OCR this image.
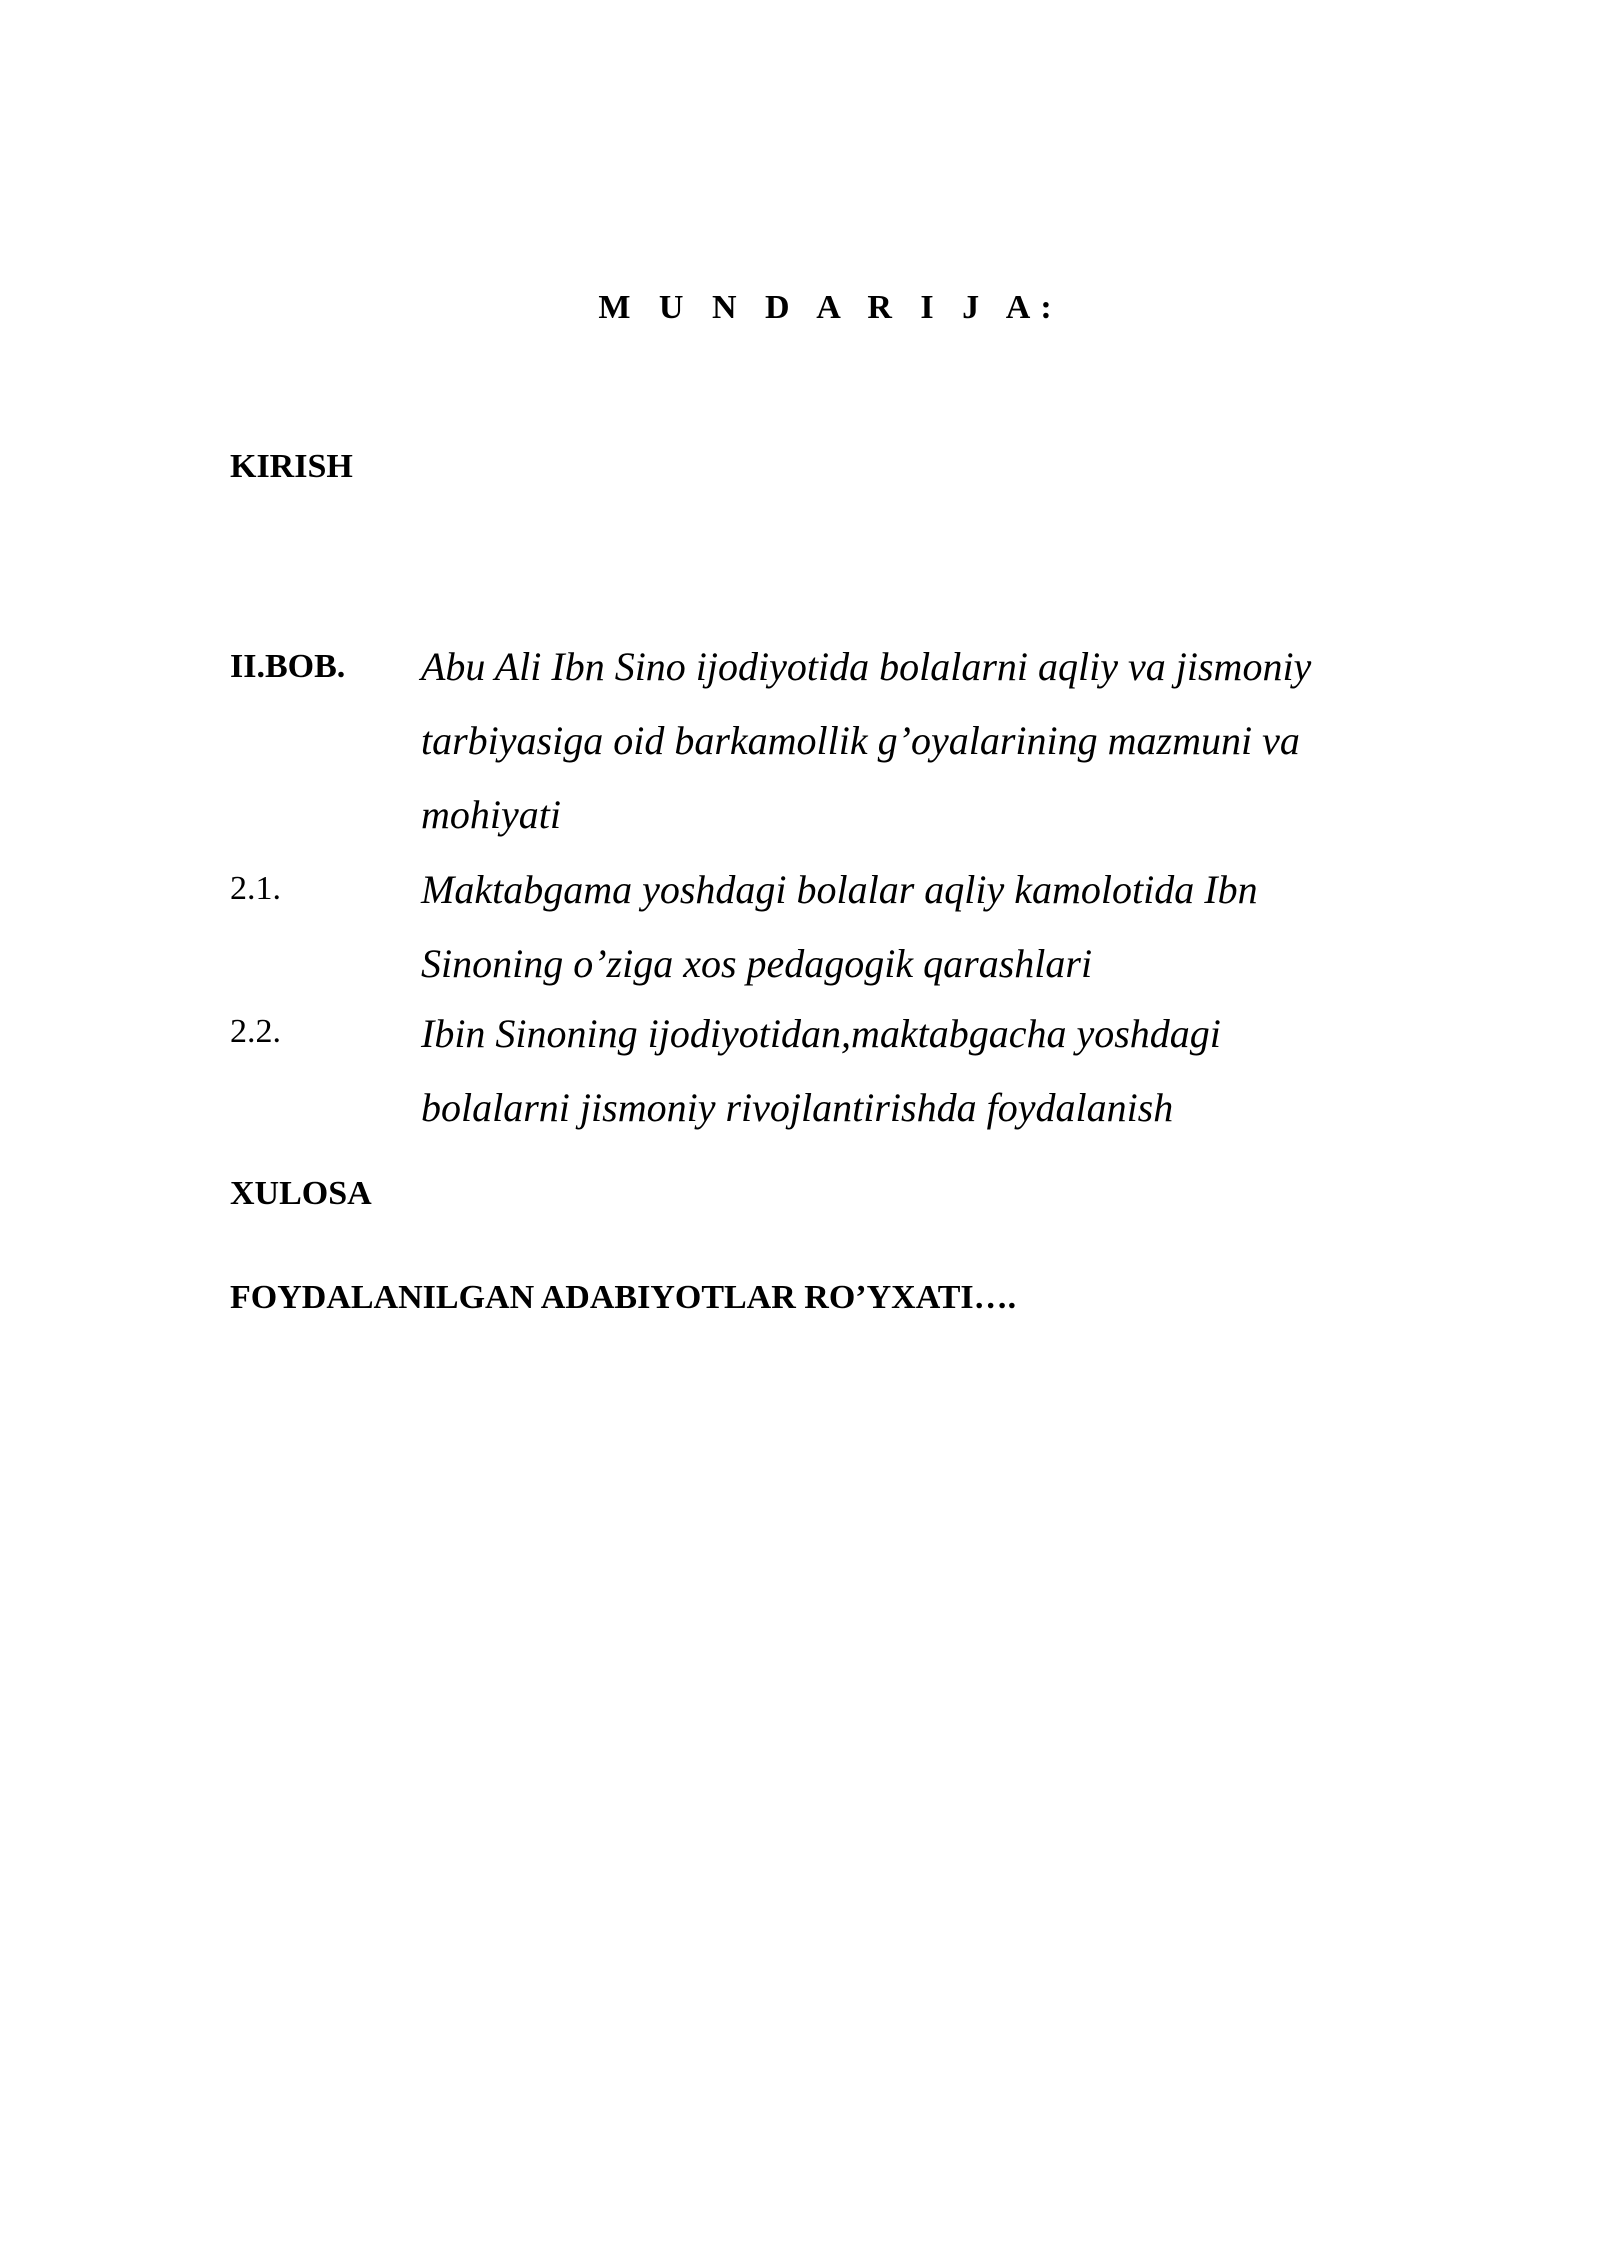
M U N D A R I J A:
KIRISH
II.BOB. Abu Ali Ibn Sino ijodiyotida bolalarni aqliy va jismoniy tarbiyasiga oid barkamollik g’oyalarining mazmuni va mohiyati
2.1.	Maktabgama yoshdagi bolalar aqliy kamolotida Ibn Sinoning o’ziga xos pedagogik qarashlari
2.2.	Ibin Sinoning ijodiyotidan,maktabgacha yoshdagi bolalarni jismoniy rivojlantirishda foydalanish
XULOSA
FOYDALANILGAN ADABIYOTLAR RO’YXATI….
